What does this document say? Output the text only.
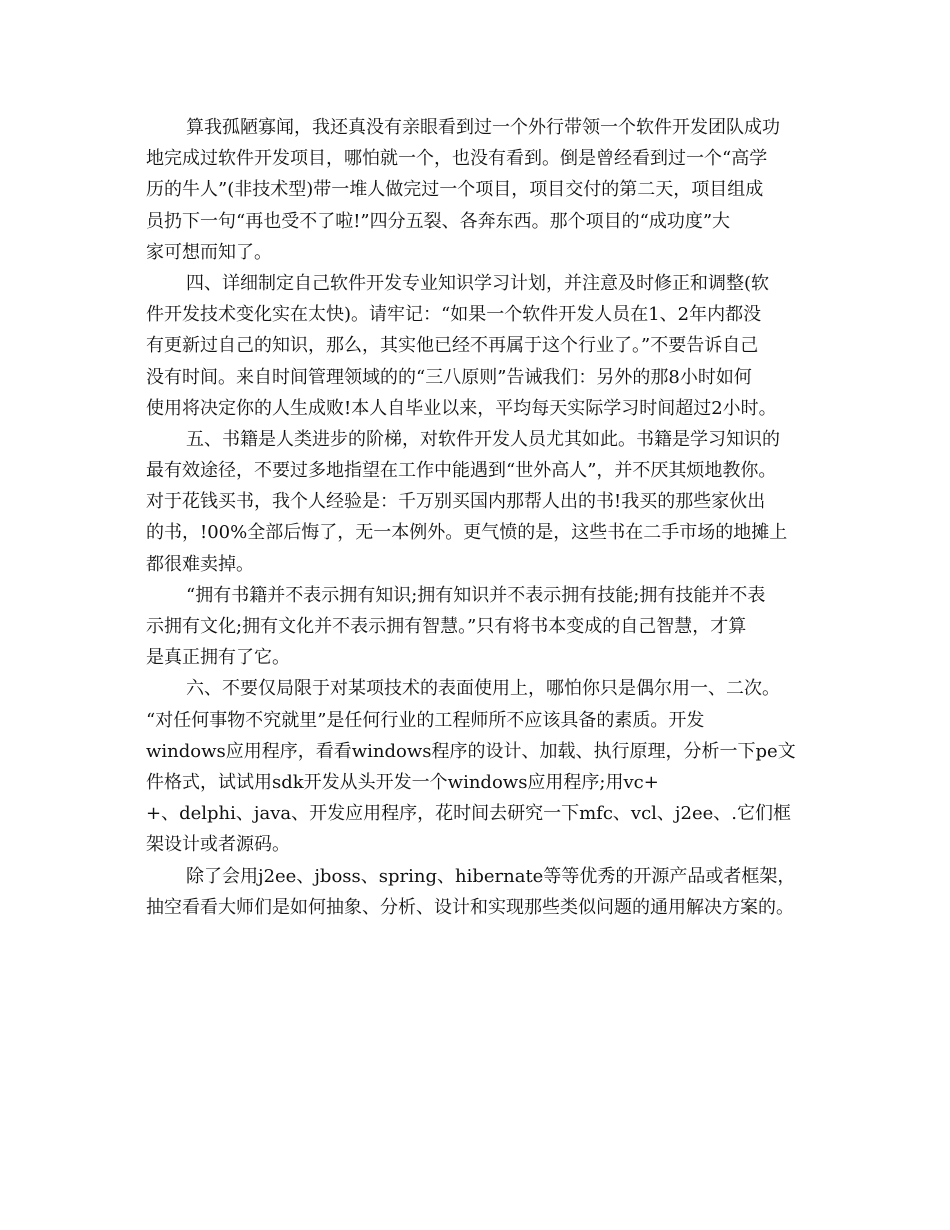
算我孤陋寡闻，我还真没有亲眼看到过一个外行带领一个软件开发团队成功
地完成过软件开发项目，哪怕就一个，也没有看到。倒是曾经看到过一个“高学
历的牛人”(非技术型)带一堆人做完过一个项目，项目交付的第二天，项目组成
员扔下一句“再也受不了啦!”四分五裂、各奔东西。那个项目的“成功度”大
家可想而知了。
四、详细制定自己软件开发专业知识学习计划，并注意及时修正和调整(软
件开发技术变化实在太快)。请牢记：“如果一个软件开发人员在1、2年内都没
有更新过自己的知识，那么，其实他已经不再属于这个行业了。”不要告诉自己
没有时间。来自时间管理领域的的“三八原则”告诫我们：另外的那8小时如何
使用将决定你的人生成败!本人自毕业以来，平均每天实际学习时间超过2小时。
五、书籍是人类进步的阶梯，对软件开发人员尤其如此。书籍是学习知识的
最有效途径，不要过多地指望在工作中能遇到“世外高人”，并不厌其烦地教你。
对于花钱买书，我个人经验是：千万别买国内那帮人出的书!我买的那些家伙出
的书，!00%全部后悔了，无一本例外。更气愤的是，这些书在二手市场的地摊上
都很难卖掉。
“拥有书籍并不表示拥有知识;拥有知识并不表示拥有技能;拥有技能并不表
示拥有文化;拥有文化并不表示拥有智慧。”只有将书本变成的自己智慧，才算
是真正拥有了它。
六、不要仅局限于对某项技术的表面使用上，哪怕你只是偶尔用一、二次。
“对任何事物不究就里”是任何行业的工程师所不应该具备的素质。开发
windows应用程序，看看windows程序的设计、加载、执行原理，分析一下pe文
件格式，试试用sdk开发从头开发一个windows应用程序;用vc+
+、delphi、java、开发应用程序，花时间去研究一下mfc、vcl、j2ee、.它们框
架设计或者源码。
除了会用j2ee、jboss、spring、hibernate等等优秀的开源产品或者框架，
抽空看看大师们是如何抽象、分析、设计和实现那些类似问题的通用解决方案的。
